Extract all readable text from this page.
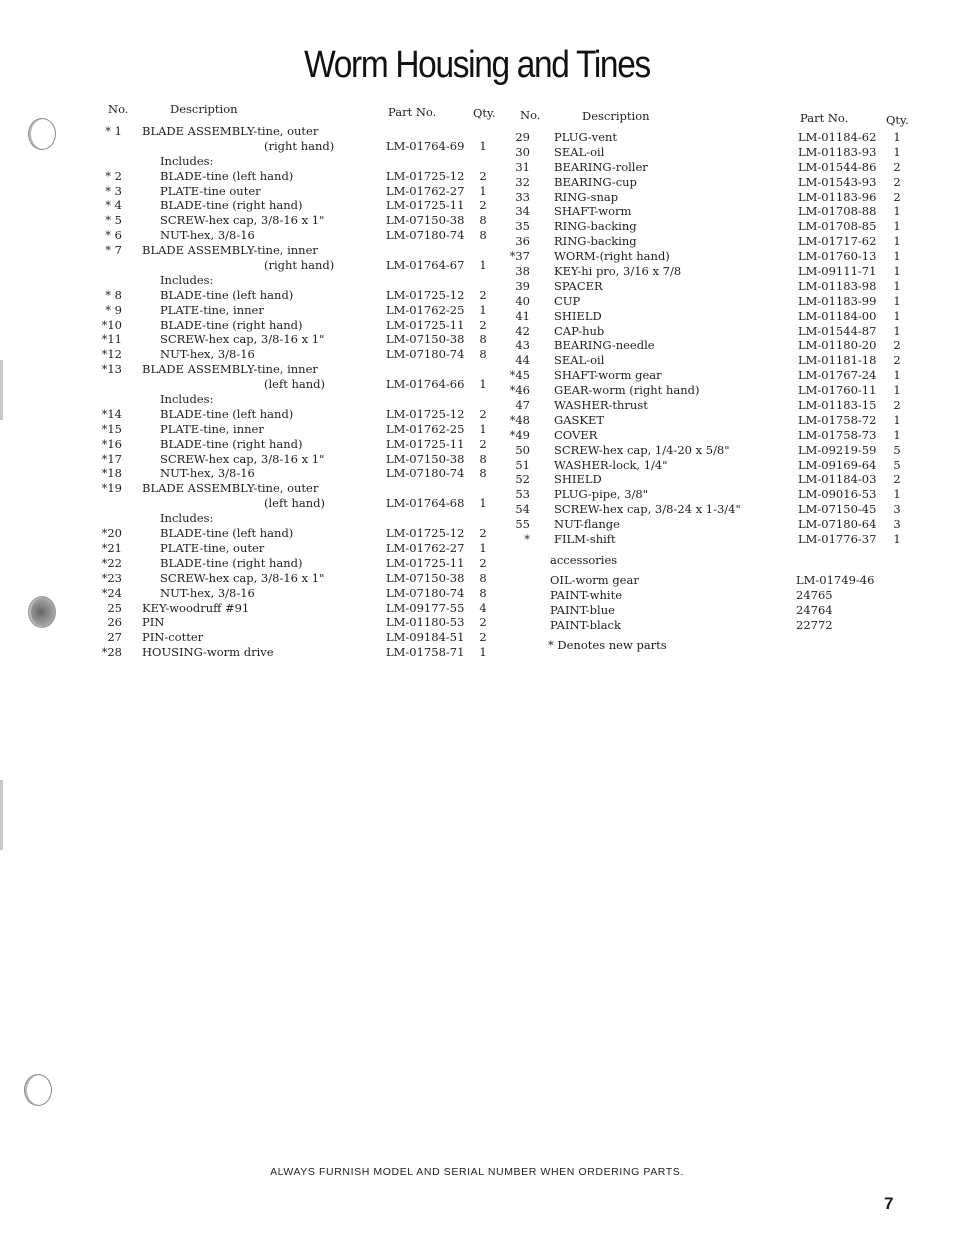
Worm Housing and Tines
No.	Description	Part No.	Qty. No.	Description	Part No.	Qty.
* 1 BLADE ASSEMBLY-tine, outer
(right hand)	LM-01764-69 1
Includes:
* 2	BLADE-tine (left hand)	LM-01725-12 2
* 3	PLATE-tine outer	LM-01762-27 1
* 4	BLADE-tine (right hand)	LM-01725-11 2
* 5	SCREW-hex cap, 3/8-16 x 1"	LM-07150-38 8
* 6	NUT-hex, 3/8-16	LM-07180-74 8
* 7 BLADE ASSEMBLY-tine, inner
(right hand)	LM-01764-67 1
Includes:
* 8	BLADE-tine (left hand)	LM-01725-12 2
* 9	PLATE-tine, inner	LM-01762-25 1
*10	BLADE-tine (right hand)	LM-01725-11 2
*11	SCREW-hex cap, 3/8-16 x 1"	LM-07150-38 8
*12	NUT-hex, 3/8-16	LM-07180-74 8
*13 BLADE ASSEMBLY-tine, inner
(left hand)	LM-01764-66 1
Includes:
*14	BLADE-tine (left hand)	LM-01725-12 2
*15	PLATE-tine, inner	LM-01762-25 1
*16	BLADE-tine (right hand)	LM-01725-11 2
*17	SCREW-hex cap, 3/8-16 x 1"	LM-07150-38 8
*18	NUT-hex, 3/8-16	LM-07180-74 8
*19 BLADE ASSEMBLY-tine, outer
(left hand)	LM-01764-68 1
Includes:
*20	BLADE-tine (left hand)	LM-01725-12 2
*21	PLATE-tine, outer	LM-01762-27 1
*22	BLADE-tine (right hand)	LM-01725-11 2
*23	SCREW-hex cap, 3/8-16 x 1"	LM-07150-38 8
*24	NUT-hex, 3/8-16	LM-07180-74 8
25 KEY-woodruff #91	LM-09177-55 4
26 PIN	LM-01180-53 2
27 PIN-cotter	LM-09184-51 2
*28 HOUSING-worm drive	LM-01758-71 1
29 PLUG-vent	LM-01184-62 1
30 SEAL-oil	LM-01183-93 1
31 BEARING-roller	LM-01544-86 2
32 BEARING-cup	LM-01543-93 2
33 RING-snap	LM-01183-96 2
34 SHAFT-worm	LM-01708-88 1
35 RING-backing	LM-01708-85 1
36 RING-backing	LM-01717-62 1
*37 WORM-(right hand)	LM-01760-13 1
38 KEY-hi pro, 3/16 x 7/8	LM-09111-71 1
39 SPACER	LM-01183-98 1
40 CUP	LM-01183-99 1
41 SHIELD	LM-01184-00 1
42 CAP-hub	LM-01544-87 1
43 BEARING-needle	LM-01180-20 2
44 SEAL-oil	LM-01181-18 2
*45 SHAFT-worm gear	LM-01767-24 1
*46 GEAR-worm (right hand)	LM-01760-11 1
47 WASHER-thrust	LM-01183-15 2
*48 GASKET	LM-01758-72 1
*49 COVER	LM-01758-73 1
50 SCREW-hex cap, 1/4-20 x 5/8"	LM-09219-59 5
51 WASHER-lock, 1/4"	LM-09169-64 5
52 SHIELD	LM-01184-03 2
53 PLUG-pipe, 3/8"	LM-09016-53 1
54 SCREW-hex cap, 3/8-24 x 1-3/4"	LM-07150-45 3
55 NUT-flange	LM-07180-64 3
* FILM-shift	LM-01776-37 1
accessories
OIL-worm gear	LM-01749-46
PAINT-white	24765
PAINT-blue	24764
PAINT-black	22772
* Denotes new parts
ALWAYS FURNISH MODEL AND SERIAL NUMBER WHEN ORDERING PARTS.
7
